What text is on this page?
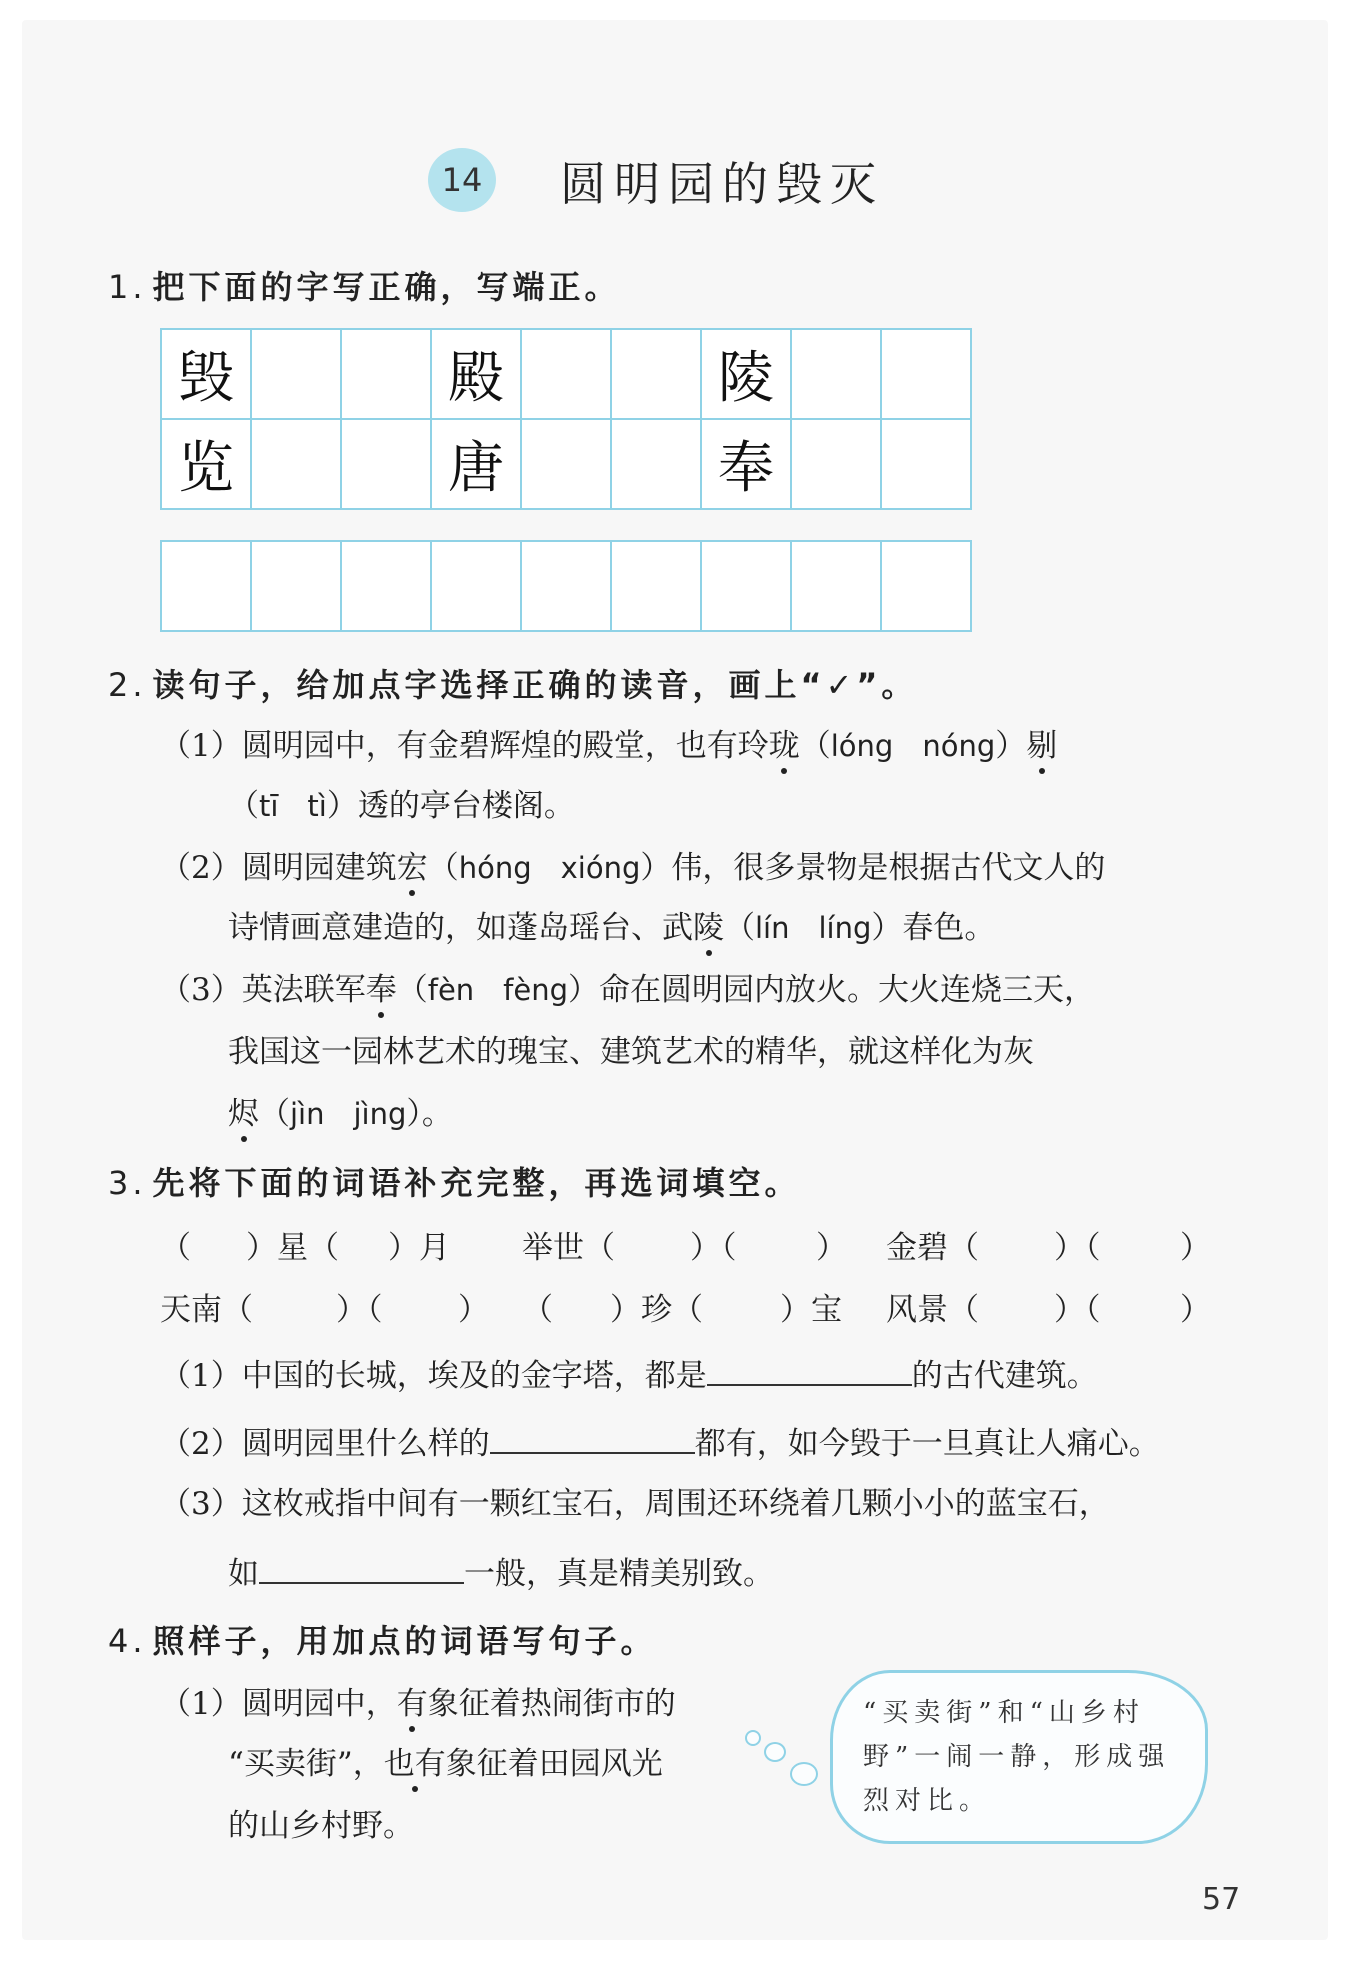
14 圆明园的毁灭
1. 把下面的字写正确，写端正。
毁	殿	陵
览	唐	奉
2. 读句子，给加点字选择正确的读音，画上“✓”。
（1）圆明园中，有金碧辉煌的殿堂，也有玲珑（lóng　nóng）剔
（tī　tì）透的亭台楼阁。
（2）圆明园建筑宏（hóng　xióng）伟，很多景物是根据古代文人的
诗情画意建造的，如蓬岛瑶台、武陵（lín　líng）春色。
（3）英法联军奉（fèn　fèng）命在圆明园内放火。大火连烧三天，
我国这一园林艺术的瑰宝、建筑艺术的精华，就这样化为灰
烬（jìn　jìng）。
3. 先将下面的词语补充完整，再选词填空。
（ ）星（ ）月 举世（ ）（	） 金碧（ ）（	）
天南（	）（ ） （ ）珍（ ）宝 风景（ ）（	）
（1）中国的长城，埃及的金字塔，都是	的古代建筑。
（2）圆明园里什么样的	都有，如今毁于一旦真让人痛心。
（3）这枚戒指中间有一颗红宝石，周围还环绕着几颗小小的蓝宝石，
如	一般，真是精美别致。
4. 照样子，用加点的词语写句子。
（1）圆明园中，有象征着热闹街市的
“买卖街”，也有象征着田园风光
的山乡村野。
“买卖街”和“山乡村野”一闹一静，形成强烈对比。
57
